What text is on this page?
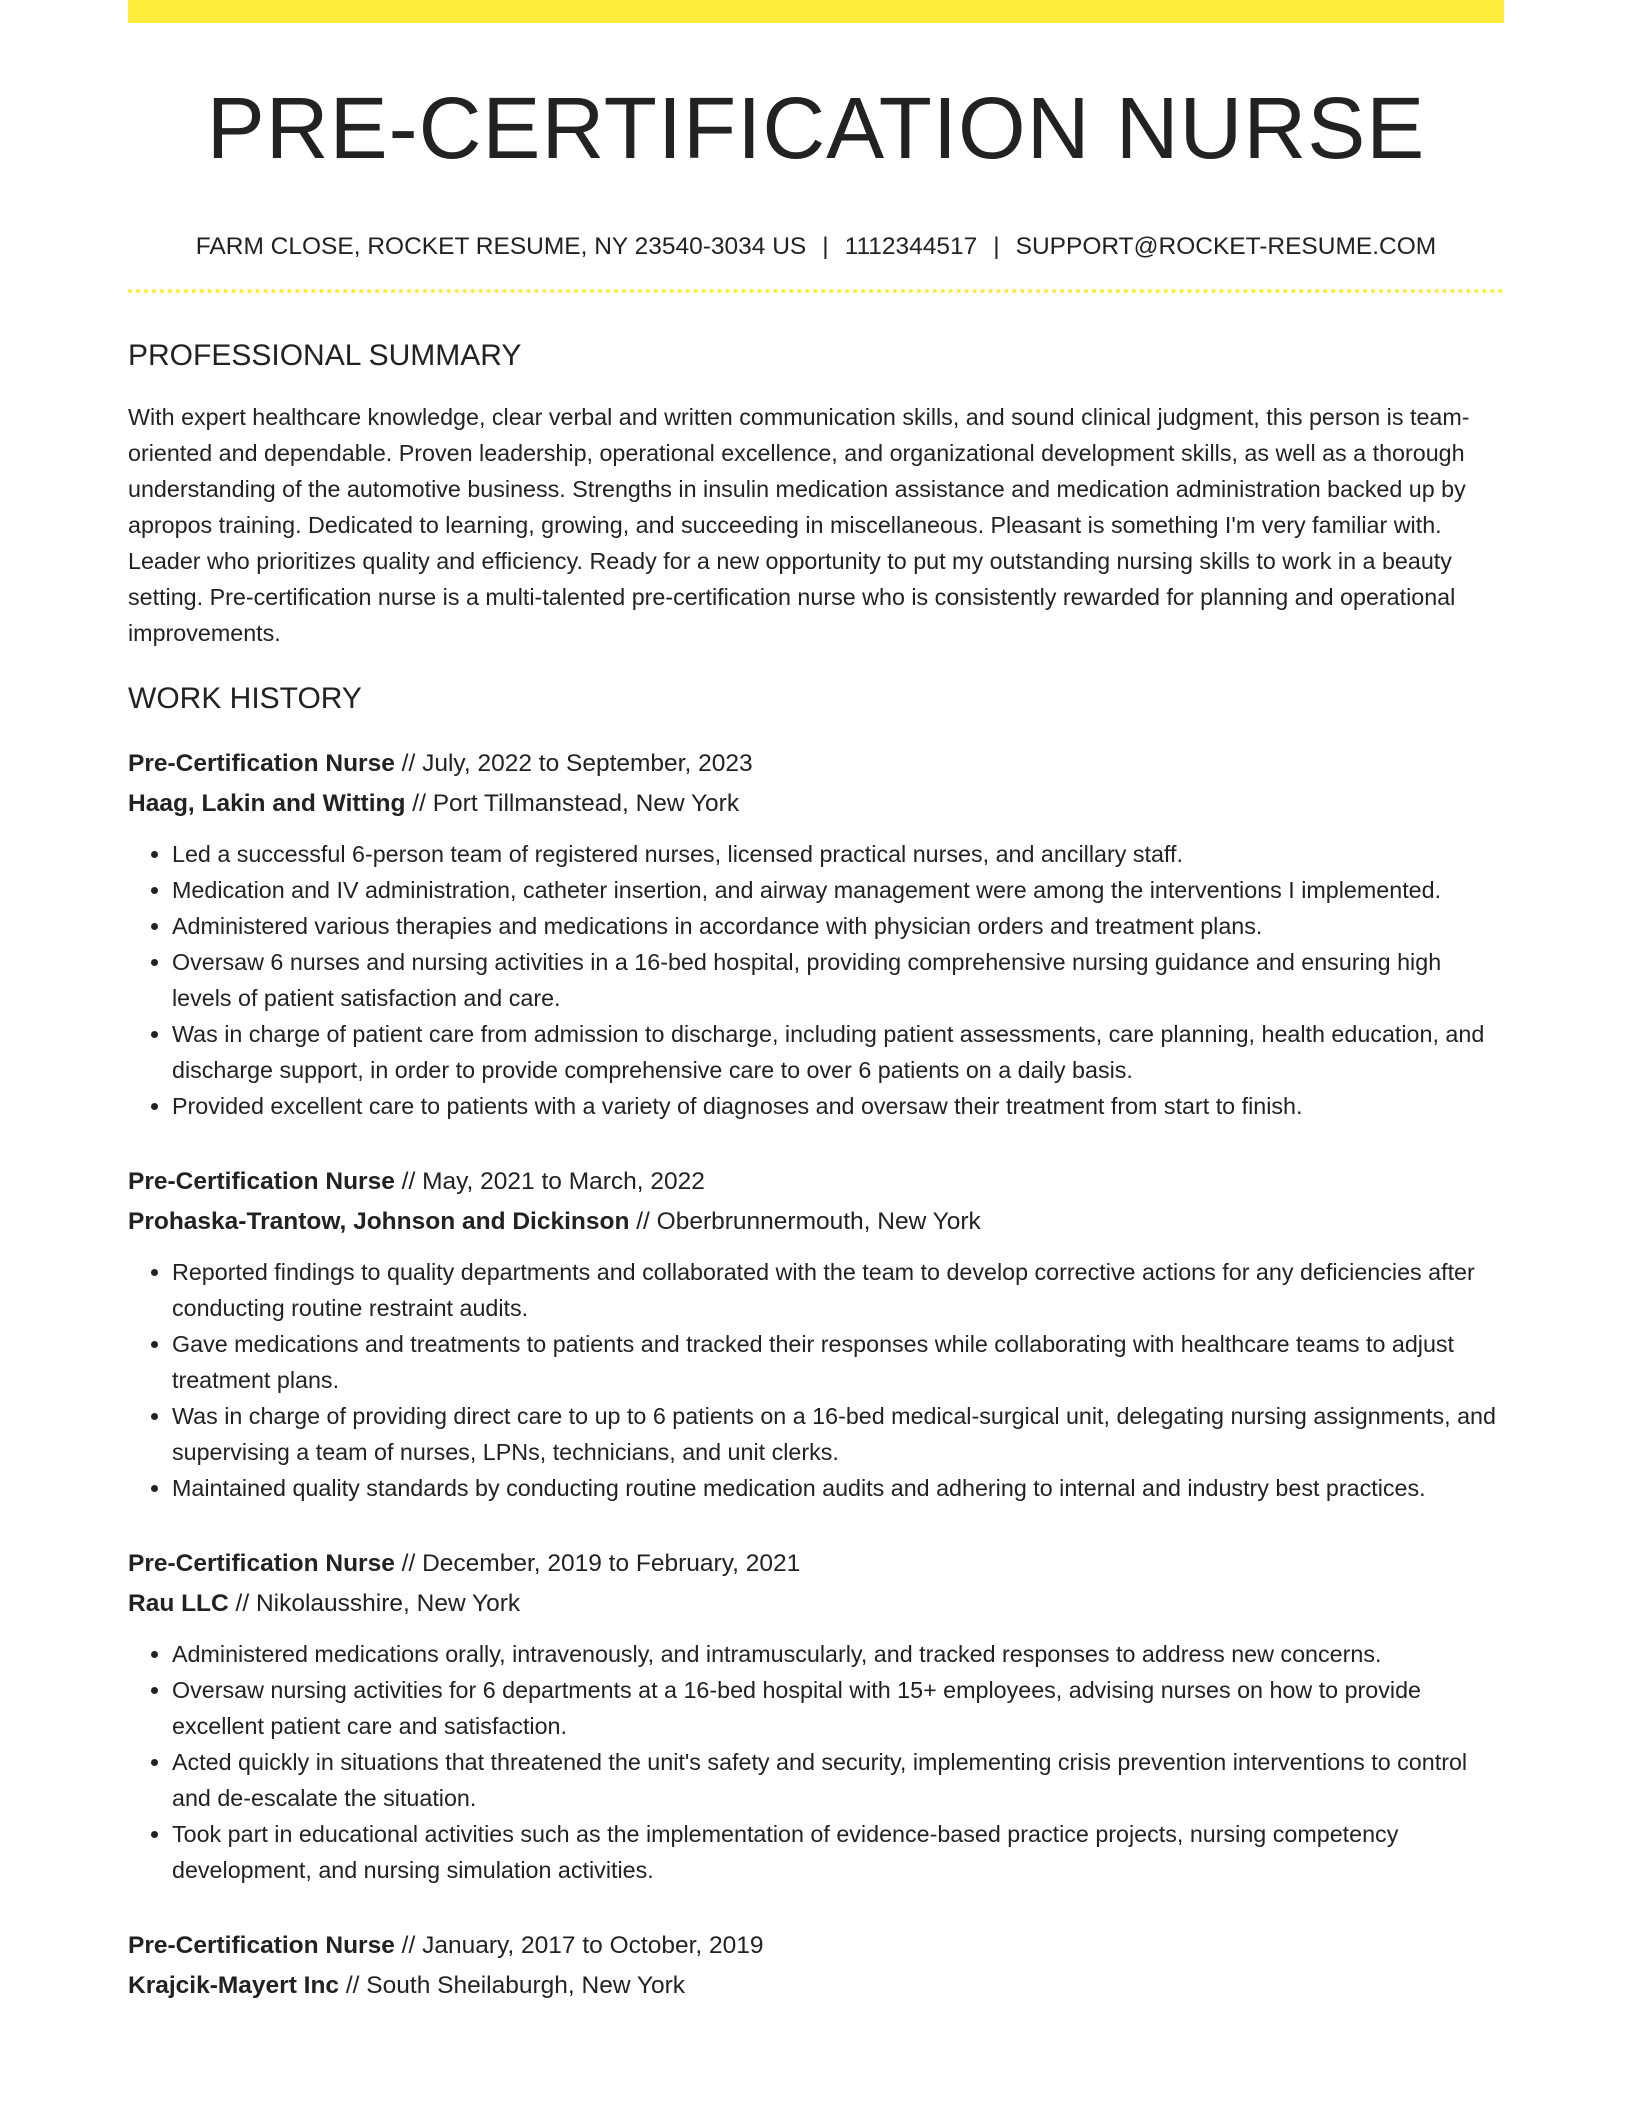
PRE-CERTIFICATION NURSE
FARM CLOSE, ROCKET RESUME, NY 23540-3034 US | 1112344517 | SUPPORT@ROCKET-RESUME.COM
PROFESSIONAL SUMMARY

With expert healthcare knowledge, clear verbal and written communication skills, and sound clinical judgment, this person is team-oriented and dependable. Proven leadership, operational excellence, and organizational development skills, as well as a thorough understanding of the automotive business. Strengths in insulin medication assistance and medication administration backed up by apropos training. Dedicated to learning, growing, and succeeding in miscellaneous. Pleasant is something I'm very familiar with. Leader who prioritizes quality and efficiency. Ready for a new opportunity to put my outstanding nursing skills to work in a beauty setting. Pre-certification nurse is a multi-talented pre-certification nurse who is consistently rewarded for planning and operational improvements.

WORK HISTORY
Pre-Certification Nurse // July, 2022 to September, 2023
Haag, Lakin and Witting // Port Tillmanstead, New York
• Led a successful 6-person team of registered nurses, licensed practical nurses, and ancillary staff.
• Medication and IV administration, catheter insertion, and airway management were among the interventions I implemented.
• Administered various therapies and medications in accordance with physician orders and treatment plans.
• Oversaw 6 nurses and nursing activities in a 16-bed hospital, providing comprehensive nursing guidance and ensuring high levels of patient satisfaction and care.
• Was in charge of patient care from admission to discharge, including patient assessments, care planning, health education, and discharge support, in order to provide comprehensive care to over 6 patients on a daily basis.
• Provided excellent care to patients with a variety of diagnoses and oversaw their treatment from start to finish.
Pre-Certification Nurse // May, 2021 to March, 2022
Prohaska-Trantow, Johnson and Dickinson // Oberbrunnermouth, New York
• Reported findings to quality departments and collaborated with the team to develop corrective actions for any deficiencies after conducting routine restraint audits.
• Gave medications and treatments to patients and tracked their responses while collaborating with healthcare teams to adjust treatment plans.
• Was in charge of providing direct care to up to 6 patients on a 16-bed medical-surgical unit, delegating nursing assignments, and supervising a team of nurses, LPNs, technicians, and unit clerks.
• Maintained quality standards by conducting routine medication audits and adhering to internal and industry best practices.
Pre-Certification Nurse // December, 2019 to February, 2021
Rau LLC // Nikolausshire, New York
• Administered medications orally, intravenously, and intramuscularly, and tracked responses to address new concerns.
• Oversaw nursing activities for 6 departments at a 16-bed hospital with 15+ employees, advising nurses on how to provide excellent patient care and satisfaction.
• Acted quickly in situations that threatened the unit's safety and security, implementing crisis prevention interventions to control and de-escalate the situation.
• Took part in educational activities such as the implementation of evidence-based practice projects, nursing competency development, and nursing simulation activities.
Pre-Certification Nurse // January, 2017 to October, 2019
Krajcik-Mayert Inc // South Sheilaburgh, New York
